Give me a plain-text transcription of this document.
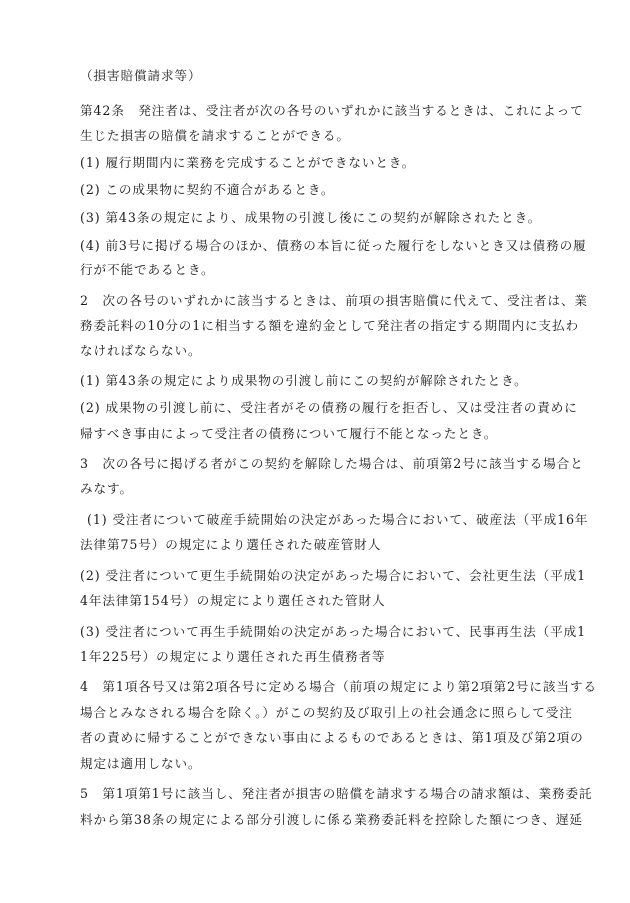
（損害賠償請求等）
第42条　発注者は、受注者が次の各号のいずれかに該当するときは、これによって
生じた損害の賠償を請求することができる。
(1) 履行期間内に業務を完成することができないとき。
(2) この成果物に契約不適合があるとき。
(3) 第43条の規定により、成果物の引渡し後にこの契約が解除されたとき。
(4) 前3号に掲げる場合のほか、債務の本旨に従った履行をしないとき又は債務の履
行が不能であるとき。
2　次の各号のいずれかに該当するときは、前項の損害賠償に代えて、受注者は、業
務委託料の10分の1に相当する額を違約金として発注者の指定する期間内に支払わ
なければならない。
(1) 第43条の規定により成果物の引渡し前にこの契約が解除されたとき。
(2) 成果物の引渡し前に、受注者がその債務の履行を拒否し、又は受注者の責めに
帰すべき事由によって受注者の債務について履行不能となったとき。
3　次の各号に掲げる者がこの契約を解除した場合は、前項第2号に該当する場合と
みなす。
(1) 受注者について破産手続開始の決定があった場合において、破産法（平成16年
法律第75号）の規定により選任された破産管財人
(2) 受注者について更生手続開始の決定があった場合において、会社更生法（平成1
4年法律第154号）の規定により選任された管財人
(3) 受注者について再生手続開始の決定があった場合において、民事再生法（平成1
1年225号）の規定により選任された再生債務者等
4　第1項各号又は第2項各号に定める場合（前項の規定により第2項第2号に該当する
場合とみなされる場合を除く。）がこの契約及び取引上の社会通念に照らして受注
者の責めに帰することができない事由によるものであるときは、第1項及び第2項の
規定は適用しない。
5　第1項第1号に該当し、発注者が損害の賠償を請求する場合の請求額は、業務委託
料から第38条の規定による部分引渡しに係る業務委託料を控除した額につき、遅延
